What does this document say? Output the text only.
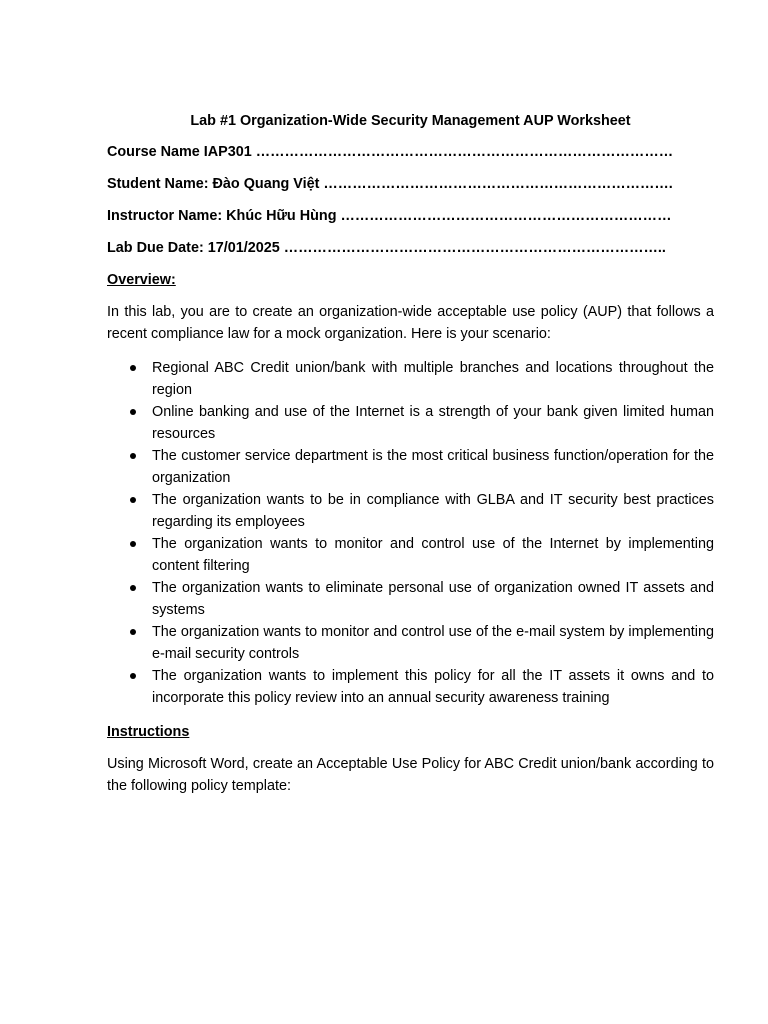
Lab #1 Organization-Wide Security Management AUP Worksheet
Course Name IAP301 ……………………………………………………………………………
Student Name: Đào Quang Việt ……………………………………………………………….
Instructor Name: Khúc Hữu Hùng ……………………………………………………………
Lab Due Date: 17/01/2025 ……………………………………………………………………..
Overview:
In this lab, you are to create an organization-wide acceptable use policy (AUP) that follows a recent compliance law for a mock organization. Here is your scenario:
Regional ABC Credit union/bank with multiple branches and locations throughout the region
Online banking and use of the Internet is a strength of your bank given limited human resources
The customer service department is the most critical business function/operation for the organization
The organization wants to be in compliance with GLBA and IT security best practices regarding its employees
The organization wants to monitor and control use of the Internet by implementing content filtering
The organization wants to eliminate personal use of organization owned IT assets and systems
The organization wants to monitor and control use of the e-mail system by implementing e-mail security controls
The organization wants to implement this policy for all the IT assets it owns and to incorporate this policy review into an annual security awareness training
Instructions
Using Microsoft Word, create an Acceptable Use Policy for ABC Credit union/bank according to the following policy template:
